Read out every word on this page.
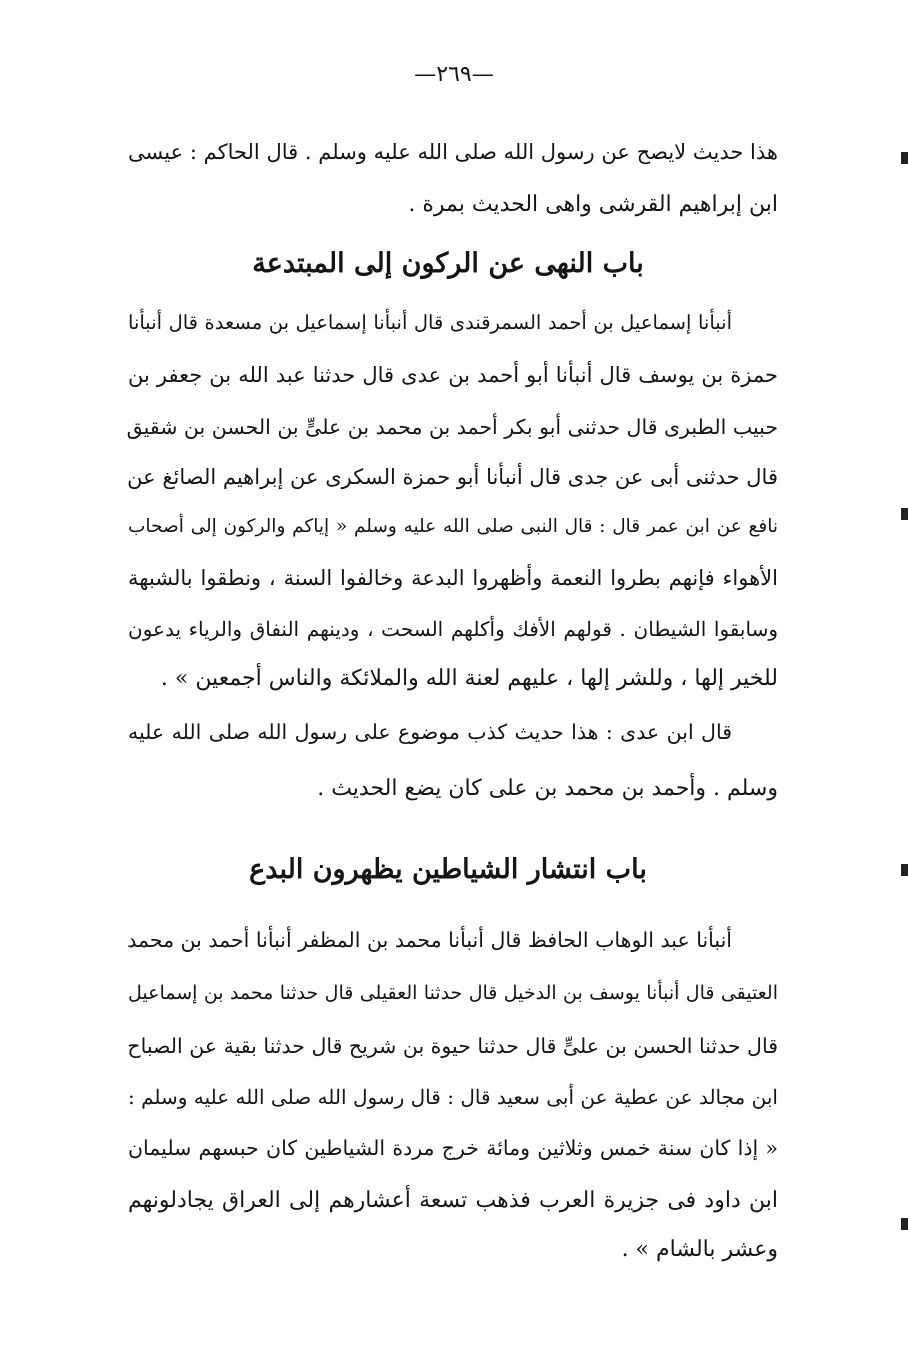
—٢٦٩—
هذا حديث لايصح عن رسول الله صلى الله عليه وسلم . قال الحاكم : عيسى
ابن إبراهيم القرشى واهى الحديث بمرة .
باب النهى عن الركون إلى المبتدعة
أنبأنا إسماعيل بن أحمد السمرقندى قال أنبأنا إسماعيل بن مسعدة قال أنبأنا
حمزة بن يوسف قال أنبأنا أبو أحمد بن عدى قال حدثنا عبد الله بن جعفر بن
حبيب الطبرى قال حدثنى أبو بكر أحمد بن محمد بن علىٍّ بن الحسن بن شقيق
قال حدثنى أبى عن جدى قال أنبأنا أبو حمزة السكرى عن إبراهيم الصائغ عن
نافع عن ابن عمر قال : قال النبى صلى الله عليه وسلم « إياكم والركون إلى أصحاب
الأهواء فإنهم بطروا النعمة وأظهروا البدعة وخالفوا السنة ، ونطقوا بالشبهة
وسابقوا الشيطان . قولهم الأفك وأكلهم السحت ، ودينهم النفاق والرياء يدعون
للخير إلها ، وللشر إلها ، عليهم لعنة الله والملائكة والناس أجمعين » .
قال ابن عدى : هذا حديث كذب موضوع على رسول الله صلى الله عليه
وسلم . وأحمد بن محمد بن على كان يضع الحديث .
باب انتشار الشياطين يظهرون البدع
أنبأنا عبد الوهاب الحافظ قال أنبأنا محمد بن المظفر أنبأنا أحمد بن محمد
العتيقى قال أنبأنا يوسف بن الدخيل قال حدثنا العقيلى قال حدثنا محمد بن إسماعيل
قال حدثنا الحسن بن علىٍّ قال حدثنا حيوة بن شريح قال حدثنا بقية عن الصباح
ابن مجالد عن عطية عن أبى سعيد قال : قال رسول الله صلى الله عليه وسلم :
« إذا كان سنة خمس وثلاثين ومائة خرج مردة الشياطين كان حبسهم سليمان
ابن داود فى جزيرة العرب فذهب تسعة أعشارهم إلى العراق يجادلونهم
وعشر بالشام » .
